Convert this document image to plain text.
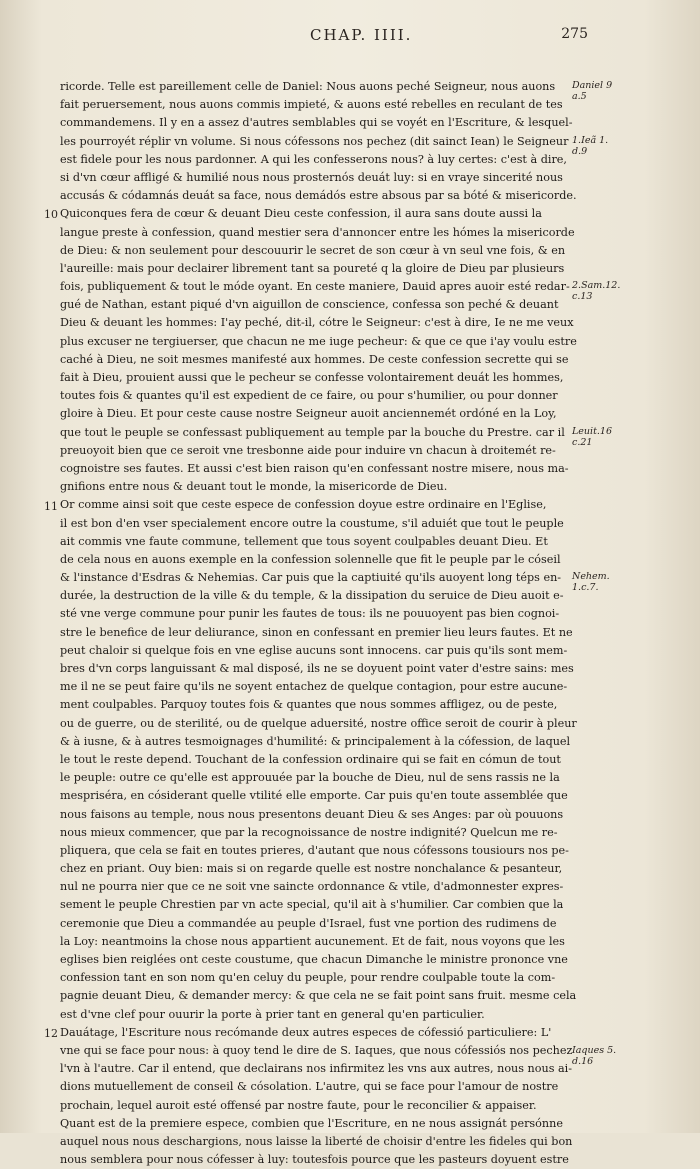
CHAP. IIII.	275
ricorde. Telle est pareillement celle de Daniel: Nous auons peché Seigneur, nous auons
fait peruersement, nous auons commis impieté, & auons esté rebelles en reculant de tes
commandemens. Il y en a assez d'autres semblables qui se voyét en l'Escriture, & lesquel-
les pourroyét réplir vn volume. Si nous cófessons nos pechez (dit sainct Iean) le Seigneur
est fidele pour les nous pardonner. A qui les confesserons nous? à luy certes: c'est à dire,
si d'vn cœur affligé & humilié nous nous prosternós deuát luy: si en vraye sincerité nous
accusás & códamnás deuát sa face, nous demádós estre absous par sa bóté & misericorde.
Quiconques fera de cœur & deuant Dieu ceste confession, il aura sans doute aussi la
langue preste à confession, quand mestier sera d'annoncer entre les hómes la misericorde
de Dieu: & non seulement pour descouurir le secret de son cœur à vn seul vne fois, & en
l'aureille: mais pour declairer librement tant sa poureté q la gloire de Dieu par plusieurs
fois, publiquement & tout le móde oyant. En ceste maniere, Dauid apres auoir esté redar-
gué de Nathan, estant piqué d'vn aiguillon de conscience, confessa son peché & deuant
Dieu & deuant les hommes: I'ay peché, dit-il, cótre le Seigneur: c'est à dire, Ie ne me veux
plus excuser ne tergiuerser, que chacun ne me iuge pecheur: & que ce que i'ay voulu estre
caché à Dieu, ne soit mesmes manifesté aux hommes. De ceste confession secrette qui se
fait à Dieu, prouient aussi que le pecheur se confesse volontairement deuát les hommes,
toutes fois & quantes qu'il est expedient de ce faire, ou pour s'humilier, ou pour donner
gloire à Dieu. Et pour ceste cause nostre Seigneur auoit anciennemét ordóné en la Loy,
que tout le peuple se confessast publiquement au temple par la bouche du Prestre. car il
preuoyoit bien que ce seroit vne tresbonne aide pour induire vn chacun à droitemét re-
cognoistre ses fautes. Et aussi c'est bien raison qu'en confessant nostre misere, nous ma-
gnifions entre nous & deuant tout le monde, la misericorde de Dieu.
Or comme ainsi soit que ceste espece de confession doyue estre ordinaire en l'Eglise,
il est bon d'en vser specialement encore outre la coustume, s'il aduiét que tout le peuple
ait commis vne faute commune, tellement que tous soyent coulpables deuant Dieu. Et
de cela nous en auons exemple en la confession solennelle que fit le peuple par le cóseil
& l'instance d'Esdras & Nehemias. Car puis que la captiuité qu'ils auoyent long téps en-
durée, la destruction de la ville & du temple, & la dissipation du seruice de Dieu auoit e-
sté vne verge commune pour punir les fautes de tous: ils ne pouuoyent pas bien cognoi-
stre le benefice de leur deliurance, sinon en confessant en premier lieu leurs fautes. Et ne
peut chaloir si quelque fois en vne eglise aucuns sont innocens. car puis qu'ils sont mem-
bres d'vn corps languissant & mal disposé, ils ne se doyuent point vater d'estre sains: mes
me il ne se peut faire qu'ils ne soyent entachez de quelque contagion, pour estre aucune-
ment coulpables. Parquoy toutes fois & quantes que nous sommes affligez, ou de peste,
ou de guerre, ou de sterilité, ou de quelque aduersité, nostre office seroit de courir à pleur
& à iusne, & à autres tesmoignages d'humilité: & principalement à la cófession, de laquel
le tout le reste depend. Touchant de la confession ordinaire qui se fait en cómun de tout
le peuple: outre ce qu'elle est approuuée par la bouche de Dieu, nul de sens rassis ne la
mespriséra, en cósiderant quelle vtilité elle emporte. Car puis qu'en toute assemblée que
nous faisons au temple, nous nous presentons deuant Dieu & ses Anges: par où pouuons
nous mieux commencer, que par la recognoissance de nostre indignité? Quelcun me re-
pliquera, que cela se fait en toutes prieres, d'autant que nous cófessons tousiours nos pe-
chez en priant. Ouy bien: mais si on regarde quelle est nostre nonchalance & pesanteur,
nul ne pourra nier que ce ne soit vne saincte ordonnance & vtile, d'admonnester expres-
sement le peuple Chrestien par vn acte special, qu'il ait à s'humilier. Car combien que la
ceremonie que Dieu a commandée au peuple d'Israel, fust vne portion des rudimens de
la Loy: neantmoins la chose nous appartient aucunement. Et de fait, nous voyons que les
eglises bien reiglées ont ceste coustume, que chacun Dimanche le ministre prononce vne
confession tant en son nom qu'en celuy du peuple, pour rendre coulpable toute la com-
pagnie deuant Dieu, & demander mercy: & que cela ne se fait point sans fruit. mesme cela
est d'vne clef pour ouurir la porte à prier tant en general qu'en particulier.
Dauátage, l'Escriture nous recómande deux autres especes de cófessió particuliere: L'
vne qui se face pour nous: à quoy tend le dire de S. Iaques, que nous cófessiós nos pechez
l'vn à l'autre. Car il entend, que declairans nos infirmitez les vns aux autres, nous nous ai-
dions mutuellement de conseil & cósolation. L'autre, qui se face pour l'amour de nostre
prochain, lequel auroit esté offensé par nostre faute, pour le reconcilier & appaiser.
Quant est de la premiere espece, combien que l'Escriture, en ne nous assignát persónne
auquel nous nous deschargions, nous laisse la liberté de choisir d'entre les fideles qui bon
nous semblera pour nous cófesser à luy: toutesfois pource que les pasteurs doyuent estre
10
11
12
Daniel 9
a.5
1.Ieã 1.
d.9
2.Sam.12.
c.13
Leuit.16
c.21
Nehem.
1.c.7.
Iaques 5.
d.16
